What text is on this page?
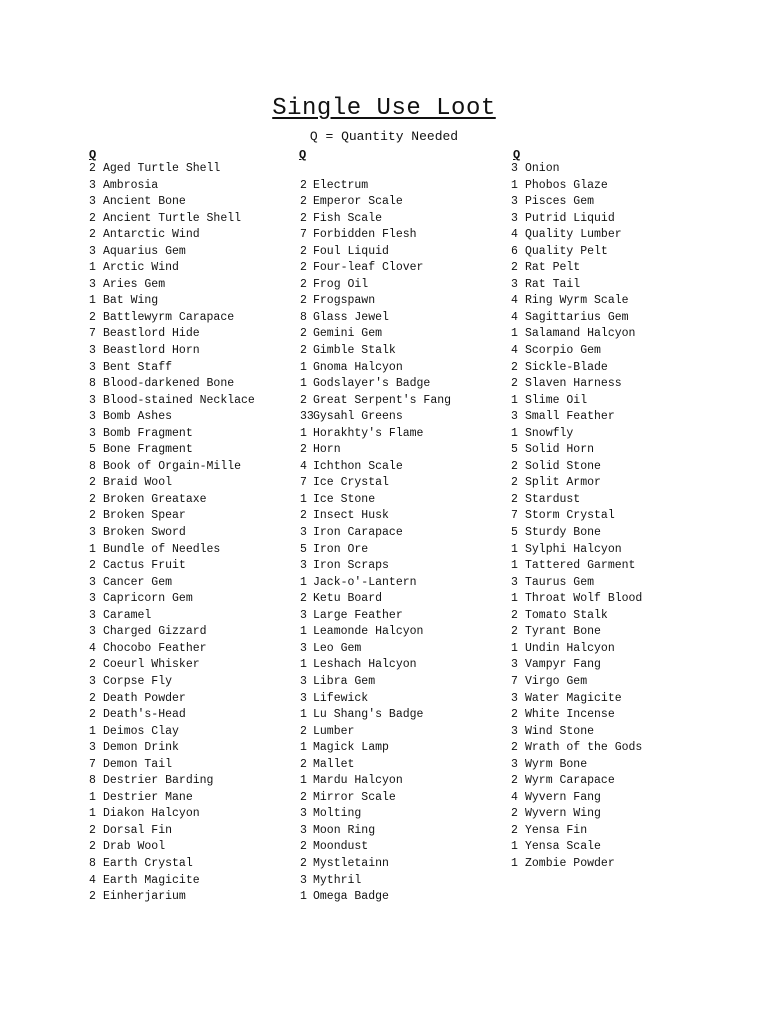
Single Use Loot
Q = Quantity Needed
Q	Q	Q
2 Aged Turtle Shell
3 Ambrosia
3 Ancient Bone
2 Ancient Turtle Shell
2 Antarctic Wind
3 Aquarius Gem
1 Arctic Wind
3 Aries Gem
1 Bat Wing
2 Battlewyrm Carapace
7 Beastlord Hide
3 Beastlord Horn
3 Bent Staff
8 Blood-darkened Bone
3 Blood-stained Necklace
3 Bomb Ashes
3 Bomb Fragment
5 Bone Fragment
8 Book of Orgain-Mille
2 Braid Wool
2 Broken Greataxe
2 Broken Spear
3 Broken Sword
1 Bundle of Needles
2 Cactus Fruit
3 Cancer Gem
3 Capricorn Gem
3 Caramel
3 Charged Gizzard
4 Chocobo Feather
2 Coeurl Whisker
3 Corpse Fly
2 Death Powder
2 Death's-Head
1 Deimos Clay
3 Demon Drink
7 Demon Tail
8 Destrier Barding
1 Destrier Mane
1 Diakon Halcyon
2 Dorsal Fin
2 Drab Wool
8 Earth Crystal
4 Earth Magicite
2 Einherjarium
2 Electrum
2 Emperor Scale
2 Fish Scale
7 Forbidden Flesh
2 Foul Liquid
2 Four-leaf Clover
2 Frog Oil
2 Frogspawn
8 Glass Jewel
2 Gemini Gem
2 Gimble Stalk
1 Gnoma Halcyon
1 Godslayer's Badge
2 Great Serpent's Fang
33Gysahl Greens
1 Horakhty's Flame
2 Horn
4 Ichthon Scale
7 Ice Crystal
1 Ice Stone
2 Insect Husk
3 Iron Carapace
5 Iron Ore
3 Iron Scraps
1 Jack-o'-Lantern
2 Ketu Board
3 Large Feather
1 Leamonde Halcyon
3 Leo Gem
1 Leshach Halcyon
3 Libra Gem
3 Lifewick
1 Lu Shang's Badge
2 Lumber
1 Magick Lamp
2 Mallet
1 Mardu Halcyon
2 Mirror Scale
3 Molting
3 Moon Ring
2 Moondust
2 Mystletainn
3 Mythril
1 Omega Badge
3 Onion
1 Phobos Glaze
3 Pisces Gem
3 Putrid Liquid
4 Quality Lumber
6 Quality Pelt
2 Rat Pelt
3 Rat Tail
4 Ring Wyrm Scale
4 Sagittarius Gem
1 Salamand Halcyon
4 Scorpio Gem
2 Sickle-Blade
2 Slaven Harness
1 Slime Oil
3 Small Feather
1 Snowfly
5 Solid Horn
2 Solid Stone
2 Split Armor
2 Stardust
7 Storm Crystal
5 Sturdy Bone
1 Sylphi Halcyon
1 Tattered Garment
3 Taurus Gem
1 Throat Wolf Blood
2 Tomato Stalk
2 Tyrant Bone
1 Undin Halcyon
3 Vampyr Fang
7 Virgo Gem
3 Water Magicite
2 White Incense
3 Wind Stone
2 Wrath of the Gods
3 Wyrm Bone
2 Wyrm Carapace
4 Wyvern Fang
2 Wyvern Wing
2 Yensa Fin
1 Yensa Scale
1 Zombie Powder
